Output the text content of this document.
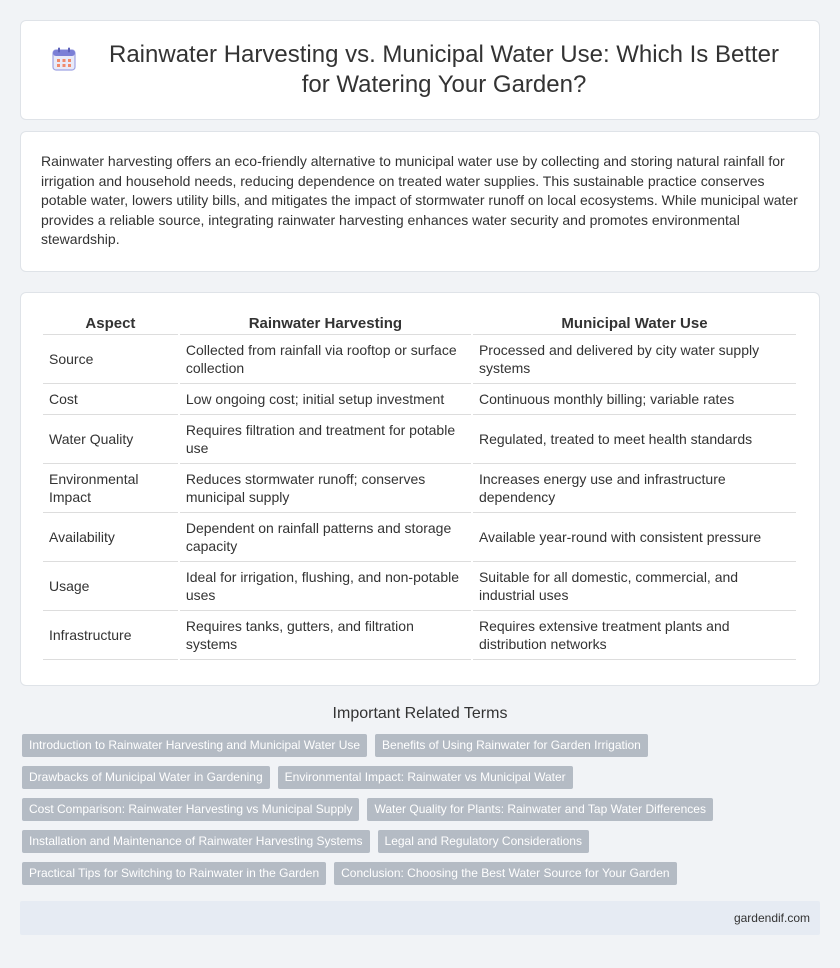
Rainwater Harvesting vs. Municipal Water Use: Which Is Better for Watering Your Garden?

Rainwater harvesting offers an eco-friendly alternative to municipal water use by collecting and storing natural rainfall for irrigation and household needs, reducing dependence on treated water supplies. This sustainable practice conserves potable water, lowers utility bills, and mitigates the impact of stormwater runoff on local ecosystems. While municipal water provides a reliable source, integrating rainwater harvesting enhances water security and promotes environmental stewardship.

Aspect	Rainwater Harvesting	Municipal Water Use
Source	Collected from rainfall via rooftop or surface collection	Processed and delivered by city water supply systems
Cost	Low ongoing cost; initial setup investment	Continuous monthly billing; variable rates
Water Quality	Requires filtration and treatment for potable use	Regulated, treated to meet health standards
Environmental Impact	Reduces stormwater runoff; conserves municipal supply	Increases energy use and infrastructure dependency
Availability	Dependent on rainfall patterns and storage capacity	Available year-round with consistent pressure
Usage	Ideal for irrigation, flushing, and non-potable uses	Suitable for all domestic, commercial, and industrial uses
Infrastructure	Requires tanks, gutters, and filtration systems	Requires extensive treatment plants and distribution networks
Important Related Terms
Introduction to Rainwater Harvesting and Municipal Water Use	Benefits of Using Rainwater for Garden Irrigation
Drawbacks of Municipal Water in Gardening	Environmental Impact: Rainwater vs Municipal Water
Cost Comparison: Rainwater Harvesting vs Municipal Supply	Water Quality for Plants: Rainwater and Tap Water Differences
Installation and Maintenance of Rainwater Harvesting Systems	Legal and Regulatory Considerations
Practical Tips for Switching to Rainwater in the Garden	Conclusion: Choosing the Best Water Source for Your Garden
gardendif.com
